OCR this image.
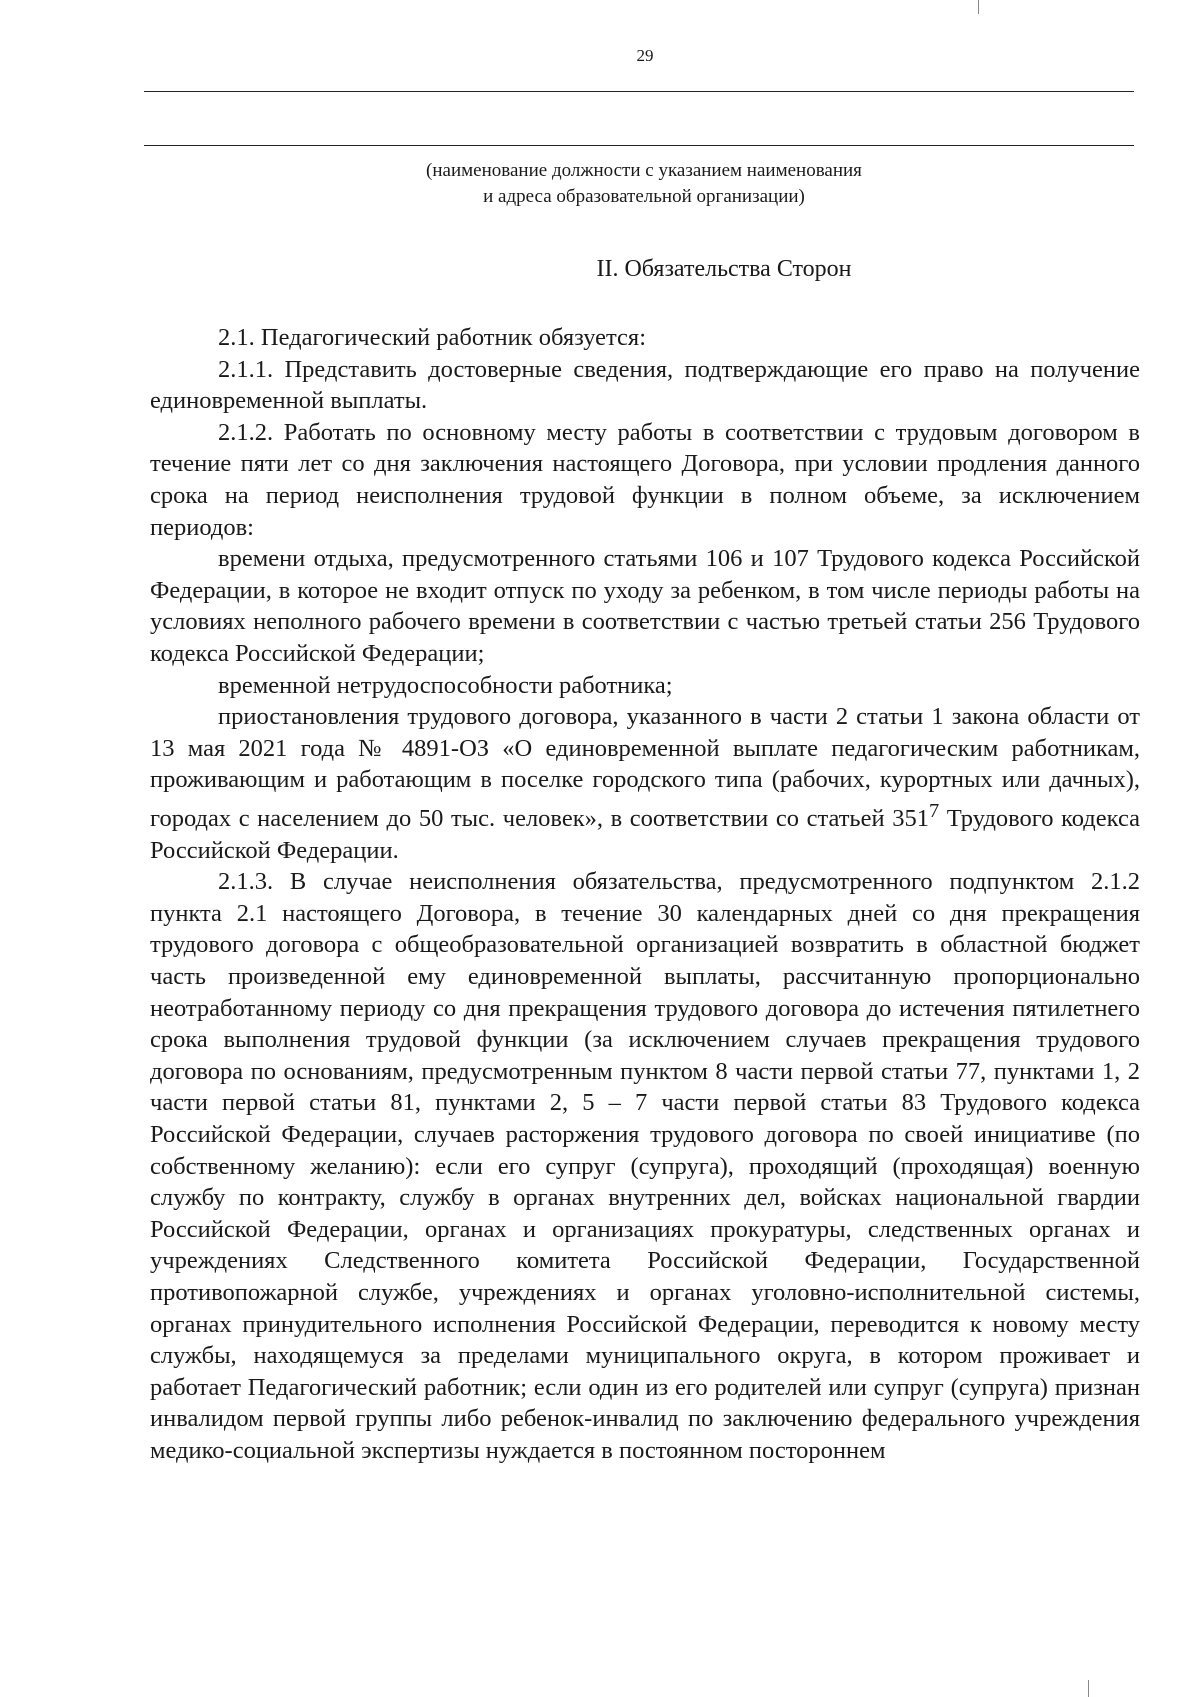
29

(наименование должности с указанием наименования
и адреса образовательной организации)

II. Обязательства Сторон

2.1. Педагогический работник обязуется:

2.1.1. Представить достоверные сведения, подтверждающие его право на получение единовременной выплаты.

2.1.2. Работать по основному месту работы в соответствии с трудовым договором в течение пяти лет со дня заключения настоящего Договора, при условии продления данного срока на период неисполнения трудовой функции в полном объеме, за исключением периодов:

времени отдыха, предусмотренного статьями 106 и 107 Трудового кодекса Российской Федерации, в которое не входит отпуск по уходу за ребенком, в том числе периоды работы на условиях неполного рабочего времени в соответствии с частью третьей статьи 256 Трудового кодекса Российской Федерации;

временной нетрудоспособности работника;

приостановления трудового договора, указанного в части 2 статьи 1 закона области от 13 мая 2021 года № 4891-ОЗ «О единовременной выплате педагогическим работникам, проживающим и работающим в поселке городского типа (рабочих, курортных или дачных), городах с населением до 50 тыс. человек», в соответствии со статьей $351^7$ Трудового кодекса Российской Федерации.

2.1.3. В случае неисполнения обязательства, предусмотренного подпунктом 2.1.2 пункта 2.1 настоящего Договора, в течение 30 календарных дней со дня прекращения трудового договора с общеобразовательной организацией возвратить в областной бюджет часть произведенной ему единовременной выплаты, рассчитанную пропорционально неотработанному периоду со дня прекращения трудового договора до истечения пятилетнего срока выполнения трудовой функции (за исключением случаев прекращения трудового договора по основаниям, предусмотренным пунктом 8 части первой статьи 77, пунктами 1, 2 части первой статьи 81, пунктами 2, 5 – 7 части первой статьи 83 Трудового кодекса Российской Федерации, случаев расторжения трудового договора по своей инициативе (по собственному желанию): если его супруг (супруга), проходящий (проходящая) военную службу по контракту, службу в органах внутренних дел, войсках национальной гвардии Российской Федерации, органах и организациях прокуратуры, следственных органах и учреждениях Следственного комитета Российской Федерации, Государственной противопожарной службе, учреждениях и органах уголовно-исполнительной системы, органах принудительного исполнения Российской Федерации, переводится к новому месту службы, находящемуся за пределами муниципального округа, в котором проживает и работает Педагогический работник; если один из его родителей или супруг (супруга) признан инвалидом первой группы либо ребенок-инвалид по заключению федерального учреждения медико-социальной экспертизы нуждается в постоянном постороннем
